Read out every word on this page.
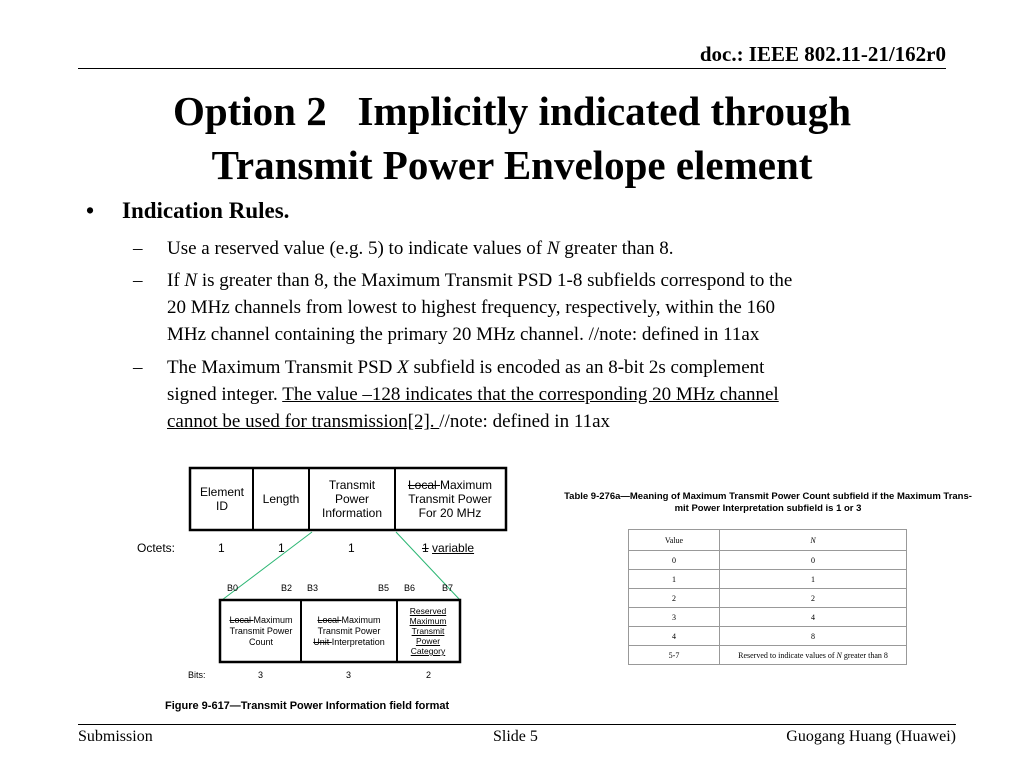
doc.: IEEE 802.11-21/162r0
Option 2   Implicitly indicated through
Transmit Power Envelope element
• Indication Rules.
– Use a reserved value (e.g. 5) to indicate values of N greater than 8.
– If N is greater than 8, the Maximum Transmit PSD 1-8 subfields correspond to the
20 MHz channels from lowest to highest frequency, respectively, within the 160
MHz channel containing the primary 20 MHz channel. //note: defined in 11ax
– The Maximum Transmit PSD X subfield is encoded as an 8-bit 2s complement
signed integer. The value –128 indicates that the corresponding 20 MHz channel
cannot be used for transmission[2]. //note: defined in 11ax
Element ID	Length
Transmit Power Information
Local Maximum Transmit Power For 20 MHz
Octets:	1	1	1	1 variable
B0	B2 B3	B5 B6	B7
Local Maximum Transmit Power Count
Local Maximum Transmit Power Unit Interpretation
Reserved Maximum Transmit Power Category
Bits:	3	3	2
Figure 9-617—Transmit Power Information field format
Table 9-276a—Meaning of Maximum Transmit Power Count subfield if the Maximum Trans-
mit Power Interpretation subfield is 1 or 3
Value	N
0	0
1	1
2	2
3	4
4	8
5-7	Reserved to indicate values of N greater than 8
Submission	Slide 5	Guogang Huang (Huawei)
